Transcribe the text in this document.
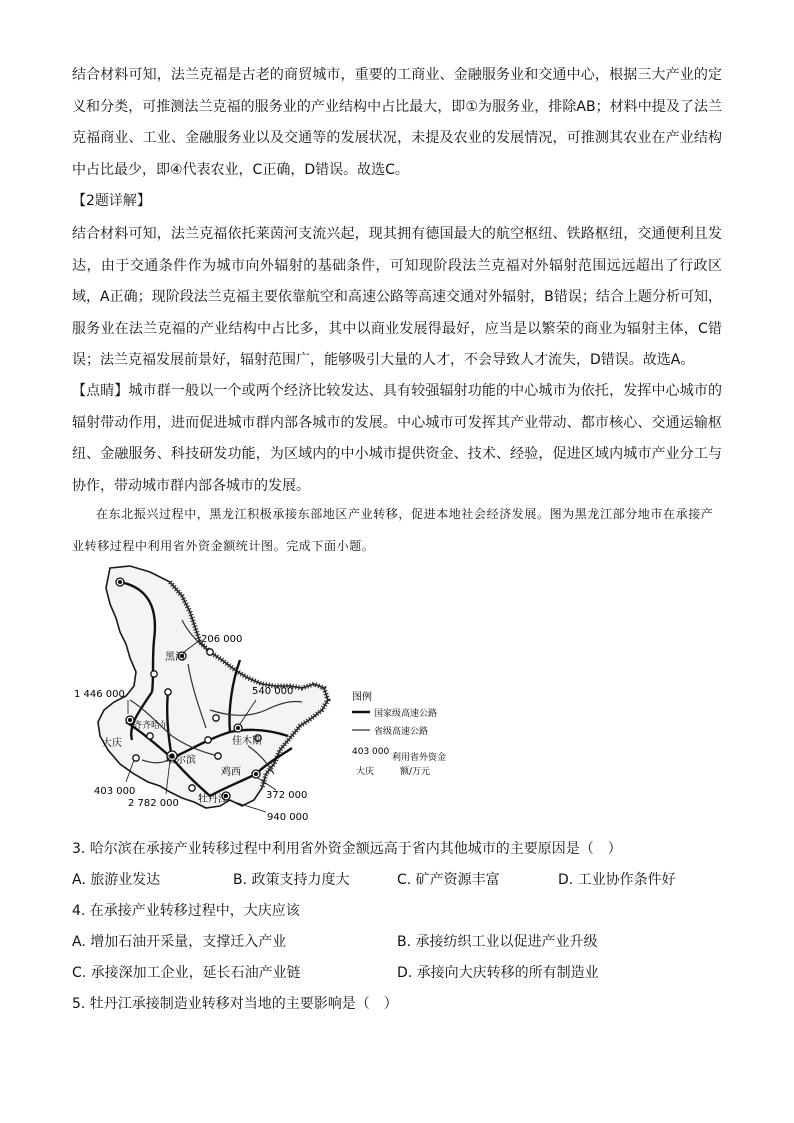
结合材料可知，法兰克福是古老的商贸城市，重要的工商业、金融服务业和交通中心，根据三大产业的定义和分类，可推测法兰克福的服务业的产业结构中占比最大，即①为服务业，排除AB；材料中提及了法兰克福商业、工业、金融服务业以及交通等的发展状况，未提及农业的发展情况，可推测其农业在产业结构中占比最少，即④代表农业，C正确，D错误。故选C。
【2题详解】
结合材料可知，法兰克福依托莱茵河支流兴起，现其拥有德国最大的航空枢纽、铁路枢纽，交通便利且发达，由于交通条件作为城市向外辐射的基础条件，可知现阶段法兰克福对外辐射范围远远超出了行政区域，A正确；现阶段法兰克福主要依靠航空和高速公路等高速交通对外辐射，B错误；结合上题分析可知，服务业在法兰克福的产业结构中占比多，其中以商业发展得最好，应当是以繁荣的商业为辐射主体，C错误；法兰克福发展前景好，辐射范围广，能够吸引大量的人才，不会导致人才流失，D错误。故选A。
【点睛】城市群一般以一个或两个经济比较发达、具有较强辐射功能的中心城市为依托，发挥中心城市的辐射带动作用，进而促进城市群内部各城市的发展。中心城市可发挥其产业带动、都市核心、交通运输枢纽、金融服务、科技研发功能，为区域内的中小城市提供资金、技术、经验，促进区域内城市产业分工与协作，带动城市群内部各城市的发展。
在东北振兴过程中，黑龙江积极承接东部地区产业转移，促进本地社会经济发展。图为黑龙江部分地市在承接产业转移过程中利用省外资金额统计图。完成下面小题。
黑河
齐齐哈尔
大庆
哈尔滨
佳木斯
鸡西
牡丹江
206 000
1 446 000	540 000
403 000
2 782 000
372 000
940 000
图例
国家级高速公路
省级高速公路
403 000
大庆
利用省外资金
额/万元
3. 哈尔滨在承接产业转移过程中利用省外资金额远高于省内其他城市的主要原因是（　）
A. 旅游业发达	B. 政策支持力度大	C. 矿产资源丰富	D. 工业协作条件好
4. 在承接产业转移过程中，大庆应该
A. 增加石油开采量，支撑迁入产业	B. 承接纺织工业以促进产业升级
C. 承接深加工企业，延长石油产业链	D. 承接向大庆转移的所有制造业
5. 牡丹江承接制造业转移对当地的主要影响是（　）
